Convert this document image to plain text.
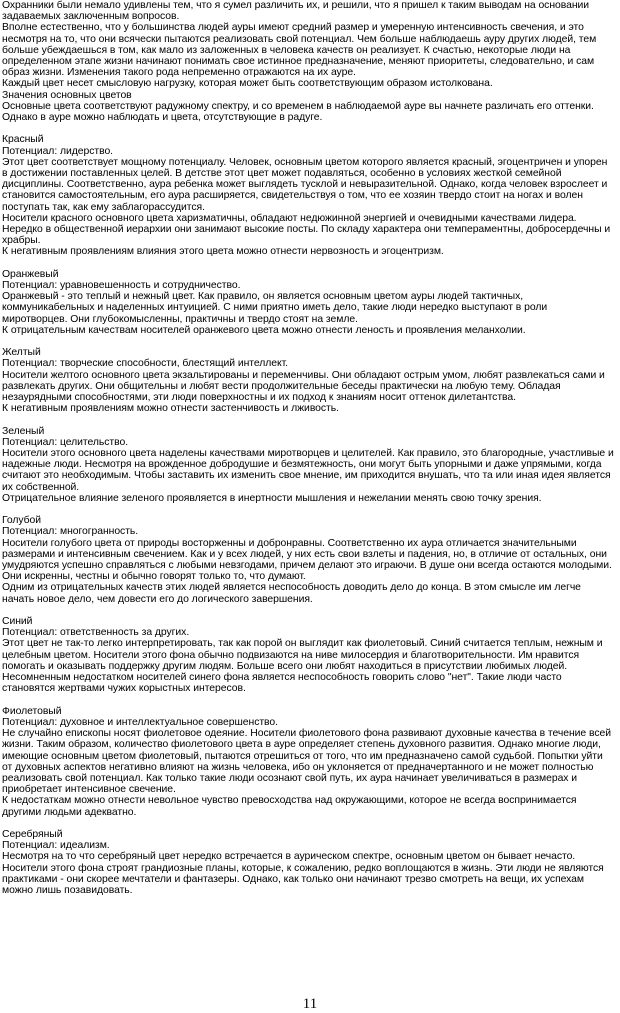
Охранники были немало удивлены тем, что я сумел различить их, и решили, что я пришел к таким выводам на основании задаваемых заключенным вопросов.

Вполне естественно, что у большинства людей ауры имеют средний размер и умеренную интенсивность свечения, и это несмотря на то, что они всячески пытаются реализовать свой потенциал. Чем больше наблюдаешь ауру других людей, тем больше убеждаешься в том, как мало из заложенных в человека качеств он реализует. К счастью, некоторые люди на определенном этапе жизни начинают понимать свое истинное предназначение, меняют приоритеты, следовательно, и сам образ жизни. Изменения такого рода непременно отражаются на их ауре.

Каждый цвет несет смысловую нагрузку, которая может быть соответствующим образом истолкована.

Значения основных цветов

Основные цвета соответствуют радужному спектру, и со временем в наблюдаемой ауре вы начнете различать его оттенки. Однако в ауре можно наблюдать и цвета, отсутствующие в радуге.

Красный

Потенциал: лидерство.

Этот цвет соответствует мощному потенциалу. Человек, основным цветом которого является красный, эгоцентричен и упорен в достижении поставленных целей. В детстве этот цвет может подавляться, особенно в условиях жесткой семейной дисциплины. Соответственно, аура ребенка может выглядеть тусклой и невыразительной. Однако, когда человек взрослеет и становится самостоятельным, его аура расширяется, свидетельствуя о том, что ее хозяин твердо стоит на ногах и волен поступать так, как ему заблагорассудится.

Носители красного основного цвета харизматичны, обладают недюжинной энергией и очевидными качествами лидера. Нередко в общественной иерархии они занимают высокие посты. По складу характера они темпераментны, добросердечны и храбры.

К негативным проявлениям влияния этого цвета можно отнести нервозность и эгоцентризм.

Оранжевый

Потенциал: уравновешенность и сотрудничество.

Оранжевый - это теплый и нежный цвет. Как правило, он является основным цветом ауры людей тактичных, коммуникабельных и наделенных интуицией. С ними приятно иметь дело, такие люди нередко выступают в роли миротворцев. Они глубокомысленны, практичны и твердо стоят на земле.

К отрицательным качествам носителей оранжевого цвета можно отнести леность и проявления меланхолии.

Желтый

Потенциал: творческие способности, блестящий интеллект.

Носители желтого основного цвета экзальтированы и переменчивы. Они обладают острым умом, любят развлекаться сами и развлекать других. Они общительны и любят вести продолжительные беседы практически на любую тему. Обладая незаурядными способностями, эти люди поверхностны и их подход к знаниям носит оттенок дилетантства.

К негативным проявлениям можно отнести застенчивость и лживость.

Зеленый

Потенциал: целительство.

Носители этого основного цвета наделены качествами миротворцев и целителей. Как правило, это благородные, участливые и надежные люди. Несмотря на врожденное добродушие и безмятежность, они могут быть упорными и даже упрямыми, когда считают это необходимым. Чтобы заставить их изменить свое мнение, им приходится внушать, что та или иная идея является их собственной.

Отрицательное влияние зеленого проявляется в инертности мышления и нежелании менять свою точку зрения.

Голубой

Потенциал: многогранность.

Носители голубого цвета от природы восторженны и добронравны. Соответственно их аура отличается значительными размерами и интенсивным свечением. Как и у всех людей, у них есть свои взлеты и падения, но, в отличие от остальных, они умудряются успешно справляться с любыми невзгодами, причем делают это играючи. В душе они всегда остаются молодыми. Они искренны, честны и обычно говорят только то, что думают.

Одним из отрицательных качеств этих людей является неспособность доводить дело до конца. В этом смысле им легче начать новое дело, чем довести его до логического завершения.

Синий

Потенциал: ответственность за других.

Этот цвет не так-то легко интерпретировать, так как порой он выглядит как фиолетовый. Синий считается теплым, нежным и целебным цветом. Носители этого фона обычно подвизаются на ниве милосердия и благотворительности. Им нравится помогать и оказывать поддержку другим людям. Больше всего они любят находиться в присутствии любимых людей.

Несомненным недостатком носителей синего фона является неспособность говорить слово "нет". Такие люди часто становятся жертвами чужих корыстных интересов.

Фиолетовый

Потенциал: духовное и интеллектуальное совершенство.

Не случайно епископы носят фиолетовое одеяние. Носители фиолетового фона развивают духовные качества в течение всей жизни. Таким образом, количество фиолетового цвета в ауре определяет степень духовного развития. Однако многие люди, имеющие основным цветом фиолетовый, пытаются отрешиться от того, что им предназначено самой судьбой. Попытки уйти от духовных аспектов негативно влияют на жизнь человека, ибо он уклоняется от предначертанного и не может полностью реализовать свой потенциал. Как только такие люди осознают свой путь, их аура начинает увеличиваться в размерах и приобретает интенсивное свечение.

К недостаткам можно отнести невольное чувство превосходства над окружающими, которое не всегда воспринимается другими людьми адекватно.

Серебряный

Потенциал: идеализм.

Несмотря на то что серебряный цвет нередко встречается в аурическом спектре, основным цветом он бывает нечасто. Носители этого фона строят грандиозные планы, которые, к сожалению, редко воплощаются в жизнь. Эти люди не являются практиками - они скорее мечтатели и фантазеры. Однако, как только они начинают трезво смотреть на вещи, их успехам можно лишь позавидовать.

11
